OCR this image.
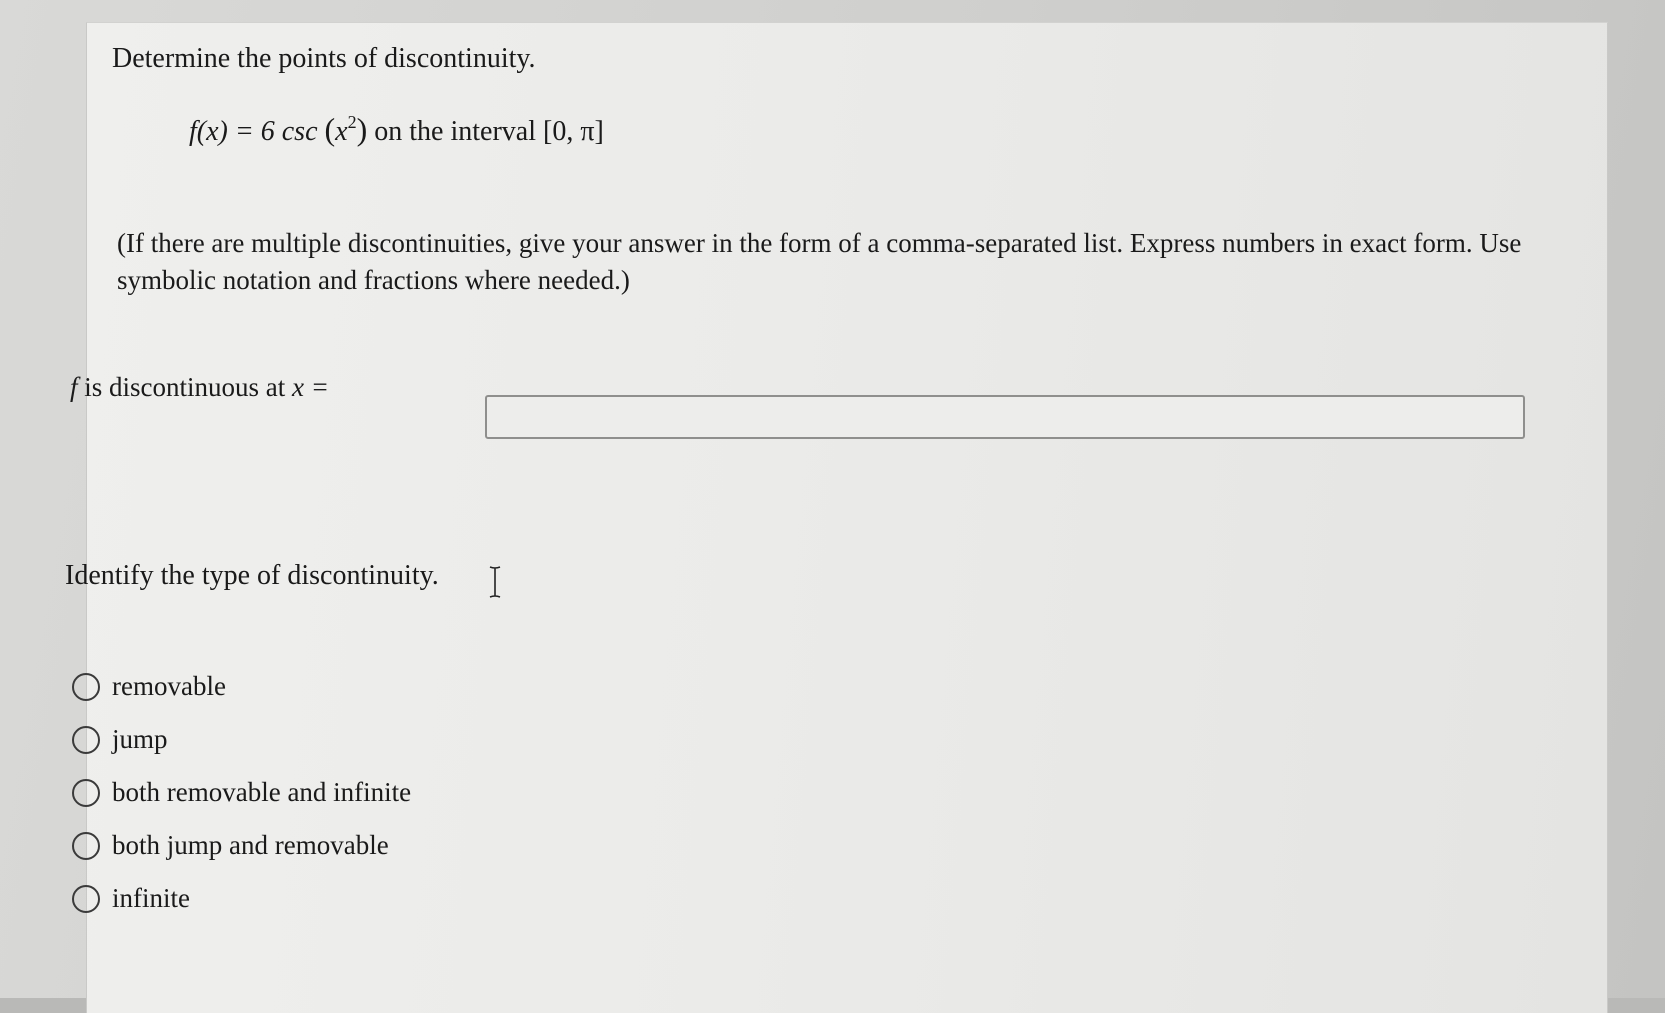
Determine the points of discontinuity.
f(x) = 6 $\csc (x^2)$ on the interval [0, π]

(If there are multiple discontinuities, give your answer in the form of a comma-separated list. Express numbers in exact form. Use symbolic notation and fractions where needed.)

f is discontinuous at x =
Identify the type of discontinuity.
removable
jump
both removable and infinite
both jump and removable
infinite
